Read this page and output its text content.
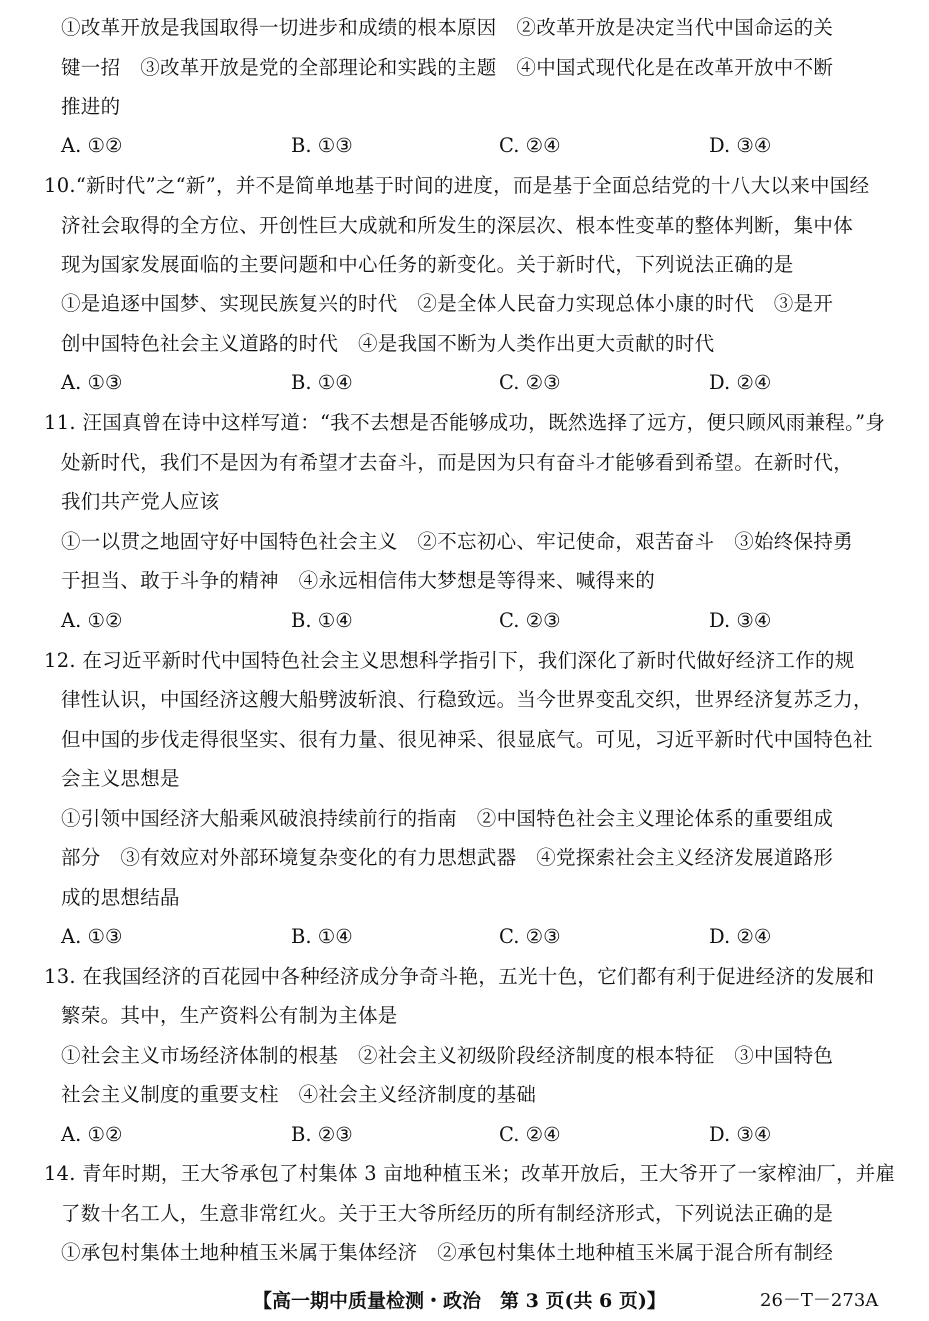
①改革开放是我国取得一切进步和成绩的根本原因　②改革开放是决定当代中国命运的关
键一招　③改革开放是党的全部理论和实践的主题　④中国式现代化是在改革开放中不断
推进的
A. ①②	B. ①③	C. ②④	D. ③④
10.“新时代”之“新”，并不是简单地基于时间的进度，而是基于全面总结党的十八大以来中国经
济社会取得的全方位、开创性巨大成就和所发生的深层次、根本性变革的整体判断，集中体
现为国家发展面临的主要问题和中心任务的新变化。关于新时代，下列说法正确的是
①是追逐中国梦、实现民族复兴的时代　②是全体人民奋力实现总体小康的时代　③是开
创中国特色社会主义道路的时代　④是我国不断为人类作出更大贡献的时代
A. ①③	B. ①④	C. ②③	D. ②④
11. 汪国真曾在诗中这样写道：“我不去想是否能够成功，既然选择了远方，便只顾风雨兼程。”身
处新时代，我们不是因为有希望才去奋斗，而是因为只有奋斗才能够看到希望。在新时代，
我们共产党人应该
①一以贯之地固守好中国特色社会主义　②不忘初心、牢记使命，艰苦奋斗　③始终保持勇
于担当、敢于斗争的精神　④永远相信伟大梦想是等得来、喊得来的
A. ①②	B. ①④	C. ②③	D. ③④
12. 在习近平新时代中国特色社会主义思想科学指引下，我们深化了新时代做好经济工作的规
律性认识，中国经济这艘大船劈波斩浪、行稳致远。当今世界变乱交织，世界经济复苏乏力，
但中国的步伐走得很坚实、很有力量、很见神采、很显底气。可见，习近平新时代中国特色社
会主义思想是
①引领中国经济大船乘风破浪持续前行的指南　②中国特色社会主义理论体系的重要组成
部分　③有效应对外部环境复杂变化的有力思想武器　④党探索社会主义经济发展道路形
成的思想结晶
A. ①③	B. ①④	C. ②③	D. ②④
13. 在我国经济的百花园中各种经济成分争奇斗艳，五光十色，它们都有利于促进经济的发展和
繁荣。其中，生产资料公有制为主体是
①社会主义市场经济体制的根基　②社会主义初级阶段经济制度的根本特征　③中国特色
社会主义制度的重要支柱　④社会主义经济制度的基础
A. ①②	B. ②③	C. ②④	D. ③④
14. 青年时期，王大爷承包了村集体 3 亩地种植玉米；改革开放后，王大爷开了一家榨油厂，并雇
了数十名工人，生意非常红火。关于王大爷所经历的所有制经济形式，下列说法正确的是
①承包村集体土地种植玉米属于集体经济　②承包村集体土地种植玉米属于混合所有制经
【高一期中质量检测・政治　第 3 页(共 6 页)】	26－T－273A
